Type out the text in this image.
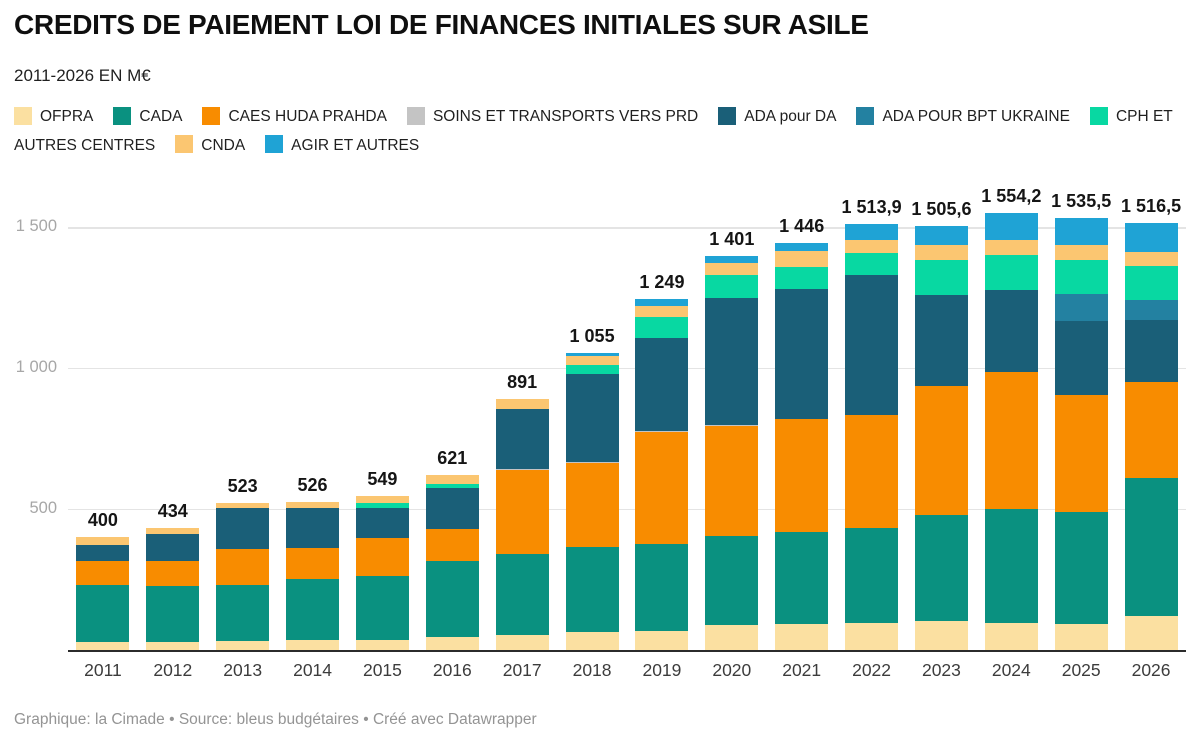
CREDITS DE PAIEMENT LOI DE FINANCES INITIALES SUR ASILE
2011-2026 EN M€
OFPRA	CADA	CAES HUDA PRAHDA	SOINS ET TRANSPORTS VERS PRD	ADA pour DA	ADA POUR BPT UKRAINE	CPH ET
AUTRES CENTRES	CNDA	AGIR ET AUTRES
500
1 000
1 500
400
2011
434
2012
523
2013
526
2014
549
2015
621
2016
891
2017
1 055
2018
1 249
2019
1 401
2020
1 446
2021
1 513,9
2022
1 505,6
2023
1 554,2
2024
1 535,5
2025
1 516,5
2026
Graphique: la Cimade • Source: bleus budgétaires • Créé avec Datawrapper
